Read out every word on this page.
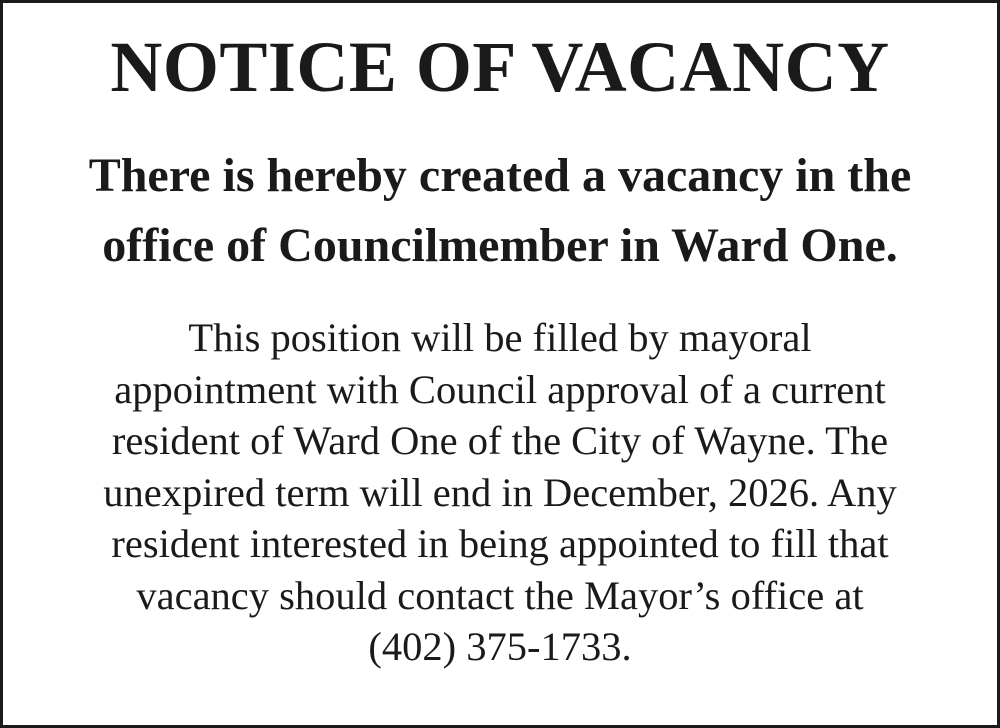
NOTICE OF VACANCY
There is hereby created a vacancy in the
office of Councilmember in Ward One.
This position will be filled by mayoral
appointment with Council approval of a current
resident of Ward One of the City of Wayne. The
unexpired term will end in December, 2026. Any
resident interested in being appointed to fill that
vacancy should contact the Mayor’s office at
(402) 375-1733.
